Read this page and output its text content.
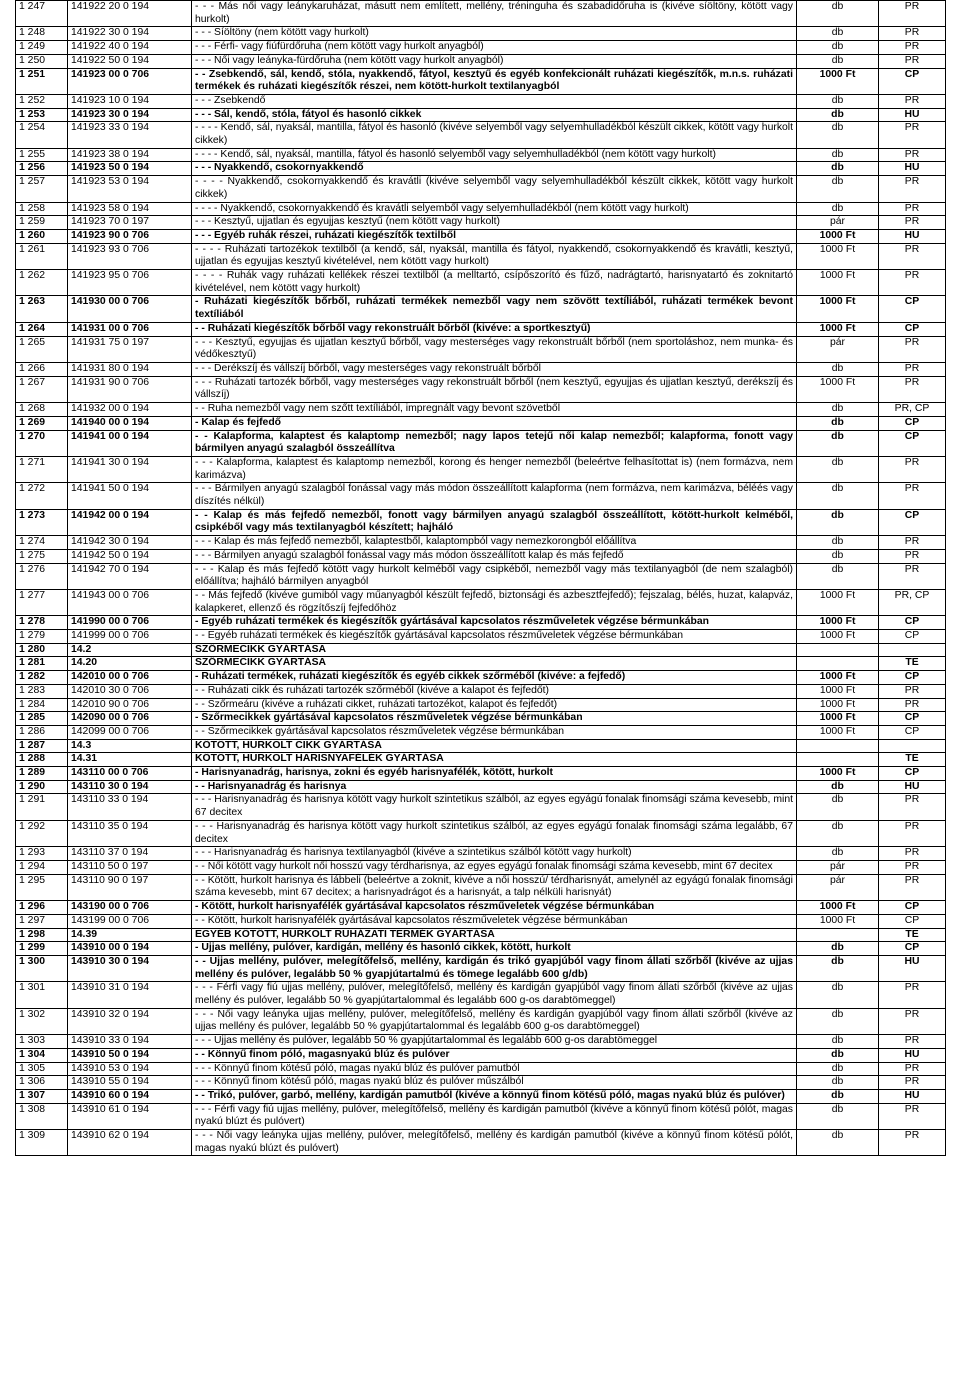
1 247	141922 20 0 194	- - - Más női vagy leánykaruházat, másutt nem említett, mellény, tréninguha és szabadidőruha is (kivéve síöltöny, kötött vagy hurkolt)	db	PR
1 248	141922 30 0 194	- - - Síöltöny (nem kötött vagy hurkolt)	db	PR
1 249	141922 40 0 194	- - - Férfi- vagy fiúfürdőruha (nem kötött vagy hurkolt anyagból)	db	PR
1 250	141922 50 0 194	- - - Női vagy leányka-fürdőruha (nem kötött vagy hurkolt anyagból)	db	PR
1 251	141923 00 0 706	- - Zsebkendő, sál, kendő, stóla, nyakkendő, fátyol, kesztyű és egyéb konfekcionált ruházati kiegészítők, m.n.s. ruházati termékek és ruházati kiegészítők részei, nem kötött-hurkolt textilanyagból	1000 Ft	CP
1 252	141923 10 0 194	- - - Zsebkendő	db	PR
1 253	141923 30 0 194	- - - Sál, kendő, stóla, fátyol és hasonló cikkek	db	HU
1 254	141923 33 0 194	- - - - Kendő, sál, nyaksál, mantilla, fátyol és hasonló (kivéve selyemből vagy selyemhulladékból készült cikkek, kötött vagy hurkolt cikkek)	db	PR
1 255	141923 38 0 194	- - - - Kendő, sál, nyaksál, mantilla, fátyol és hasonló selyemből vagy selyemhulladékból (nem kötött vagy hurkolt)	db	PR
1 256	141923 50 0 194	- - - Nyakkendő, csokornyakkendő	db	HU
1 257	141923 53 0 194	- - - - Nyakkendő, csokornyakkendő és kravátli (kivéve selyemből vagy selyemhulladékból készült cikkek, kötött vagy hurkolt cikkek)	db	PR
1 258	141923 58 0 194	- - - - Nyakkendő, csokornyakkendő és kravátli selyemből vagy selyemhulladékból (nem kötött vagy hurkolt)	db	PR
1 259	141923 70 0 197	- - - Kesztyű, ujjatlan és egyujjas kesztyű (nem kötött vagy hurkolt)	pár	PR
1 260	141923 90 0 706	- - - Egyéb ruhák részei, ruházati kiegészítők textilből	1000 Ft	HU
1 261	141923 93 0 706	- - - - Ruházati tartozékok textilből (a kendő, sál, nyaksál, mantilla és fátyol, nyakkendő, csokornyakkendő és kravátli, kesztyű, ujjatlan és egyujjas kesztyű kivételével, nem kötött vagy hurkolt)	1000 Ft	PR
1 262	141923 95 0 706	- - - - Ruhák vagy ruházati kellékek részei textilből (a melltartó, csípőszorító és fűző, nadrágtartó, harisnyatartó és zoknitartó kivételével, nem kötött vagy hurkolt)	1000 Ft	PR
1 263	141930 00 0 706	- Ruházati kiegészítők bőrből, ruházati termékek nemezből vagy nem szövött textíliából, ruházati termékek bevont textíliából	1000 Ft	CP
1 264	141931 00 0 706	- - Ruházati kiegészítők bőrből vagy rekonstruált bőrből (kivéve: a sportkesztyű)	1000 Ft	CP
1 265	141931 75 0 197	- - - Kesztyű, egyujjas és ujjatlan kesztyű bőrből, vagy mesterséges vagy rekonstruált bőrből (nem sportoláshoz, nem munka- és védőkesztyű)	pár	PR
1 266	141931 80 0 194	- - - Derékszíj és vállszíj bőrből, vagy mesterséges vagy rekonstruált bőrből	db	PR
1 267	141931 90 0 706	- - - Ruházati tartozék bőrből, vagy mesterséges vagy rekonstruált bőrből (nem kesztyű, egyujjas és ujjatlan kesztyű, derékszíj és vállszíj)	1000 Ft	PR
1 268	141932 00 0 194	- - Ruha nemezből vagy nem szőtt textíliából, impregnált vagy bevont szövetből	db	PR, CP
1 269	141940 00 0 194	- Kalap és fejfedő	db	CP
1 270	141941 00 0 194	- - Kalapforma, kalaptest és kalaptomp nemezből; nagy lapos tetejű női kalap nemezből; kalapforma, fonott vagy bármilyen anyagú szalagból összeállítva	db	CP
1 271	141941 30 0 194	- - - Kalapforma, kalaptest és kalaptomp nemezből, korong és henger nemezből (beleértve felhasítottat is) (nem formázva, nem karimázva)	db	PR
1 272	141941 50 0 194	- - - Bármilyen anyagú szalagból fonással vagy más módon összeállított kalapforma (nem formázva, nem karimázva, béléés vagy díszítés nélkül)	db	PR
1 273	141942 00 0 194	- - Kalap és más fejfedő nemezből, fonott vagy bármilyen anyagú szalagból összeállított, kötött-hurkolt kelméből, csipkéből vagy más textilanyagból készített; hajháló	db	CP
1 274	141942 30 0 194	- - - Kalap és más fejfedő nemezből, kalaptestből, kalaptompból vagy nemezkorongból előállítva	db	PR
1 275	141942 50 0 194	- - - Bármilyen anyagú szalagból fonással vagy más módon összeállított kalap és más fejfedő	db	PR
1 276	141942 70 0 194	- - - Kalap és más fejfedő kötött vagy hurkolt kelméből vagy csipkéből, nemezből vagy más textilanyagból (de nem szalagból) előállítva; hajháló bármilyen anyagból	db	PR
1 277	141943 00 0 706	- - Más fejfedő (kivéve gumiból vagy műanyagból készült fejfedő, biztonsági és azbesztfejfedő); fejszalag, bélés, huzat, kalapváz, kalapkeret, ellenző és rögzítőszíj fejfedőhöz	1000 Ft	PR, CP
1 278	141990 00 0 706	- Egyéb ruházati termékek és kiegészítők gyártásával kapcsolatos részműveletek végzése bérmunkában	1000 Ft	CP
1 279	141999 00 0 706	- - Egyéb ruházati termékek és kiegészítők gyártásával kapcsolatos részműveletek végzése bérmunkában	1000 Ft	CP
1 280	14.2	SZŐRMECIKK GYÁRTÁSA		
1 281	14.20	SZŐRMECIKK GYÁRTÁSA		TE
1 282	142010 00 0 706	- Ruházati termékek, ruházati kiegészítők és egyéb cikkek szőrméből (kivéve: a fejfedő)	1000 Ft	CP
1 283	142010 30 0 706	- - Ruházati cikk és ruházati tartozék szőrméből (kivéve a kalapot és fejfedőt)	1000 Ft	PR
1 284	142010 90 0 706	- - Szőrmeáru (kivéve a ruházati cikket, ruházati tartozékot, kalapot és fejfedőt)	1000 Ft	PR
1 285	142090 00 0 706	- Szőrmecikkek gyártásával kapcsolatos részműveletek végzése bérmunkában	1000 Ft	CP
1 286	142099 00 0 706	- - Szőrmecikkek gyártásával kapcsolatos részműveletek végzése bérmunkában	1000 Ft	CP
1 287	14.3	KÖTÖTT, HURKOLT CIKK GYÁRTÁSA		
1 288	14.31	KÖTÖTT, HURKOLT HARISNYAFÉLÉK GYÁRTÁSA		TE
1 289	143110 00 0 706	- Harisnyanadrág, harisnya, zokni és egyéb harisnyafélék, kötött, hurkolt	1000 Ft	CP
1 290	143110 30 0 194	- - Harisnyanadrág és harisnya	db	HU
1 291	143110 33 0 194	- - - Harisnyanadrág és harisnya kötött vagy hurkolt szintetikus szálból, az egyes egyágú fonalak finomsági száma kevesebb, mint 67 decitex	db	PR
1 292	143110 35 0 194	- - - Harisnyanadrág és harisnya kötött vagy hurkolt szintetikus szálból, az egyes egyágú fonalak finomsági száma legalább, 67 decitex	db	PR
1 293	143110 37 0 194	- - - Harisnyanadrág és harisnya textilanyagból (kivéve a szintetikus szálból kötött vagy hurkolt)	db	PR
1 294	143110 50 0 197	- - Női kötött vagy hurkolt női hosszú vagy térdharisnya, az egyes egyágú fonalak finomsági száma kevesebb, mint 67 decitex	pár	PR
1 295	143110 90 0 197	- - Kötött, hurkolt harisnya és lábbeli (beleértve a zoknit, kivéve a női hosszú/ térdharisnyát, amelynél az egyágú fonalak finomsági száma kevesebb, mint 67 decitex; a harisnyadrágot és a harisnyát, a talp nélküli harisnyát)	pár	PR
1 296	143190 00 0 706	- Kötött, hurkolt harisnyafélék gyártásával kapcsolatos részműveletek végzése bérmunkában	1000 Ft	CP
1 297	143199 00 0 706	- - Kötött, hurkolt harisnyafélék gyártásával kapcsolatos részműveletek végzése bérmunkában	1000 Ft	CP
1 298	14.39	EGYÉB KÖTÖTT, HURKOLT RUHÁZATI TERMÉK GYÁRTÁSA		TE
1 299	143910 00 0 194	- Ujjas mellény, pulóver, kardigán, mellény és hasonló cikkek, kötött, hurkolt	db	CP
1 300	143910 30 0 194	- - Ujjas mellény, pulóver, melegítőfelső, mellény, kardigán és trikó gyapjúból vagy finom állati szőrből (kivéve az ujjas mellény és pulóver, legalább 50 % gyapjútartalmú és tömege legalább 600 g/db)	db	HU
1 301	143910 31 0 194	- - - Férfi vagy fiú ujjas mellény, pulóver, melegítőfelső, mellény és kardigán gyapjúból vagy finom állati szőrből (kivéve az ujjas mellény és pulóver, legalább 50 % gyapjútartalommal és legalább 600 g-os darabtömeggel)	db	PR
1 302	143910 32 0 194	- - - Női vagy leányka ujjas mellény, pulóver, melegítőfelső, mellény és kardigán gyapjúból vagy finom állati szőrből (kivéve az ujjas mellény és pulóver, legalább 50 % gyapjútartalommal és legalább 600 g-os darabtömeggel)	db	PR
1 303	143910 33 0 194	- - - Ujjas mellény és pulóver, legalább 50 % gyapjútartalommal és legalább 600 g-os darabtömeggel	db	PR
1 304	143910 50 0 194	- - Könnyű finom póló, magasnyakú blúz és pulóver	db	HU
1 305	143910 53 0 194	- - - Könnyű finom kötésű póló, magas nyakú blúz és pulóver pamutból	db	PR
1 306	143910 55 0 194	- - - Könnyű finom kötésű póló, magas nyakú blúz és pulóver műszálból	db	PR
1 307	143910 60 0 194	- - Trikó, pulóver, garbó, mellény, kardigán pamutból (kivéve a könnyű finom kötésű póló, magas nyakú blúz és pulóver)	db	HU
1 308	143910 61 0 194	- - - Férfi vagy fiú ujjas mellény, pulóver, melegítőfelső, mellény és kardigán pamutból (kivéve a könnyű finom kötésű pólót, magas nyakú blúzt és pulóvert)	db	PR
1 309	143910 62 0 194	- - - Női vagy leányka ujjas mellény, pulóver, melegítőfelső, mellény és kardigán pamutból (kivéve a könnyű finom kötésű pólót, magas nyakú blúzt és pulóvert)	db	PR
